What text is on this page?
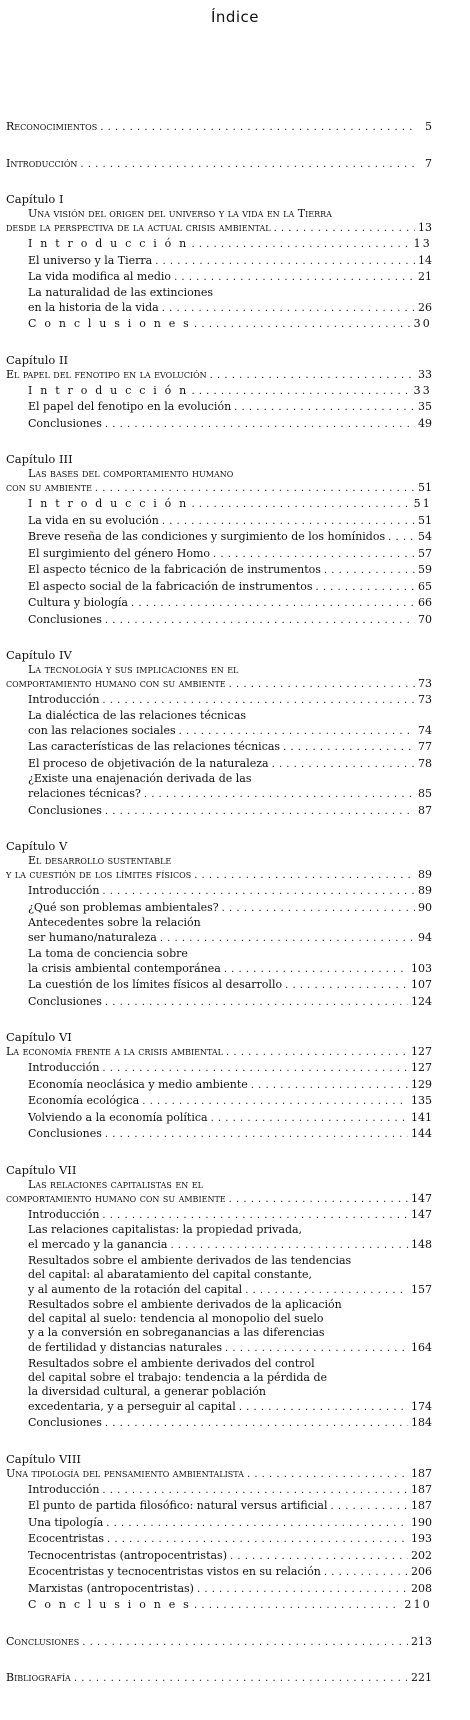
Índice
Reconocimientos . . .	5
Introducción . . .	7
Capítulo I
Una visión del origen del universo y la vida en la Tierra
desde la perspectiva de la actual crisis ambiental . . .	13
I n t r o d u c c i ó n . . .	13
El universo y la Tierra . . .	14
La vida modifica al medio . . .	21
La naturalidad de las extinciones
en la historia de la vida . . .	26
C o n c l u s i o n e s . . .	30
Capítulo II
El papel del fenotipo en la evolución . . .	33
I n t r o d u c c i ó n . . .	33
El papel del fenotipo en la evolución . . .	35
Conclusiones . . .	49
Capítulo III
Las bases del comportamiento humano
con su ambiente . . .	51
I n t r o d u c c i ó n . . .	51
La vida en su evolución . . .	51
Breve reseña de las condiciones y surgimiento de los homínidos . . .	54
El surgimiento del género Homo . . .	57
El aspecto técnico de la fabricación de instrumentos . . .	59
El aspecto social de la fabricación de instrumentos . . .	65
Cultura y biología . . .	66
Conclusiones . . .	70
Capítulo IV
La tecnología y sus implicaciones en el
comportamiento humano con su ambiente . . .	73
Introducción . . .	73
La dialéctica de las relaciones técnicas
con las relaciones sociales . . .	74
Las características de las relaciones técnicas . . .	77
El proceso de objetivación de la naturaleza . . .	78
¿Existe una enajenación derivada de las
relaciones técnicas? . . .	85
Conclusiones . . .	87
Capítulo V
El desarrollo sustentable
y la cuestión de los límites físicos . . .	89
Introducción . . .	89
¿Qué son problemas ambientales? . . .	90
Antecedentes sobre la relación
ser humano/naturaleza . . .	94
La toma de conciencia sobre
la crisis ambiental contemporánea . . .	103
La cuestión de los límites físicos al desarrollo . . .	107
Conclusiones . . .	124
Capítulo VI
La economía frente a la crisis ambiental . . .	127
Introducción . . .	127
Economía neoclásica y medio ambiente . . .	129
Economía ecológica . . .	135
Volviendo a la economía política . . .	141
Conclusiones . . .	144
Capítulo VII
Las relaciones capitalistas en el
comportamiento humano con su ambiente . . .	147
Introducción . . .	147
Las relaciones capitalistas: la propiedad privada,
el mercado y la ganancia . . .	148
Resultados sobre el ambiente derivados de las tendencias
del capital: al abaratamiento del capital constante,
y al aumento de la rotación del capital . . .	157
Resultados sobre el ambiente derivados de la aplicación
del capital al suelo: tendencia al monopolio del suelo
y a la conversión en sobreganancias a las diferencias
de fertilidad y distancias naturales . . .	164
Resultados sobre el ambiente derivados del control
del capital sobre el trabajo: tendencia a la pérdida de
la diversidad cultural, a generar población
excedentaria, y a perseguir al capital . . .	174
Conclusiones . . .	184
Capítulo VIII
Una tipología del pensamiento ambientalista . . .	187
Introducción . . .	187
El punto de partida filosófico: natural versus artificial . . .	187
Una tipología . . .	190
Ecocentristas . . .	193
Tecnocentristas (antropocentristas) . . .	202
Ecocentristas y tecnocentristas vistos en su relación . . .	206
Marxistas (antropocentristas) . . .	208
C o n c l u s i o n e s . . .	210
Conclusiones . . .	213
Bibliografía . . .	221
